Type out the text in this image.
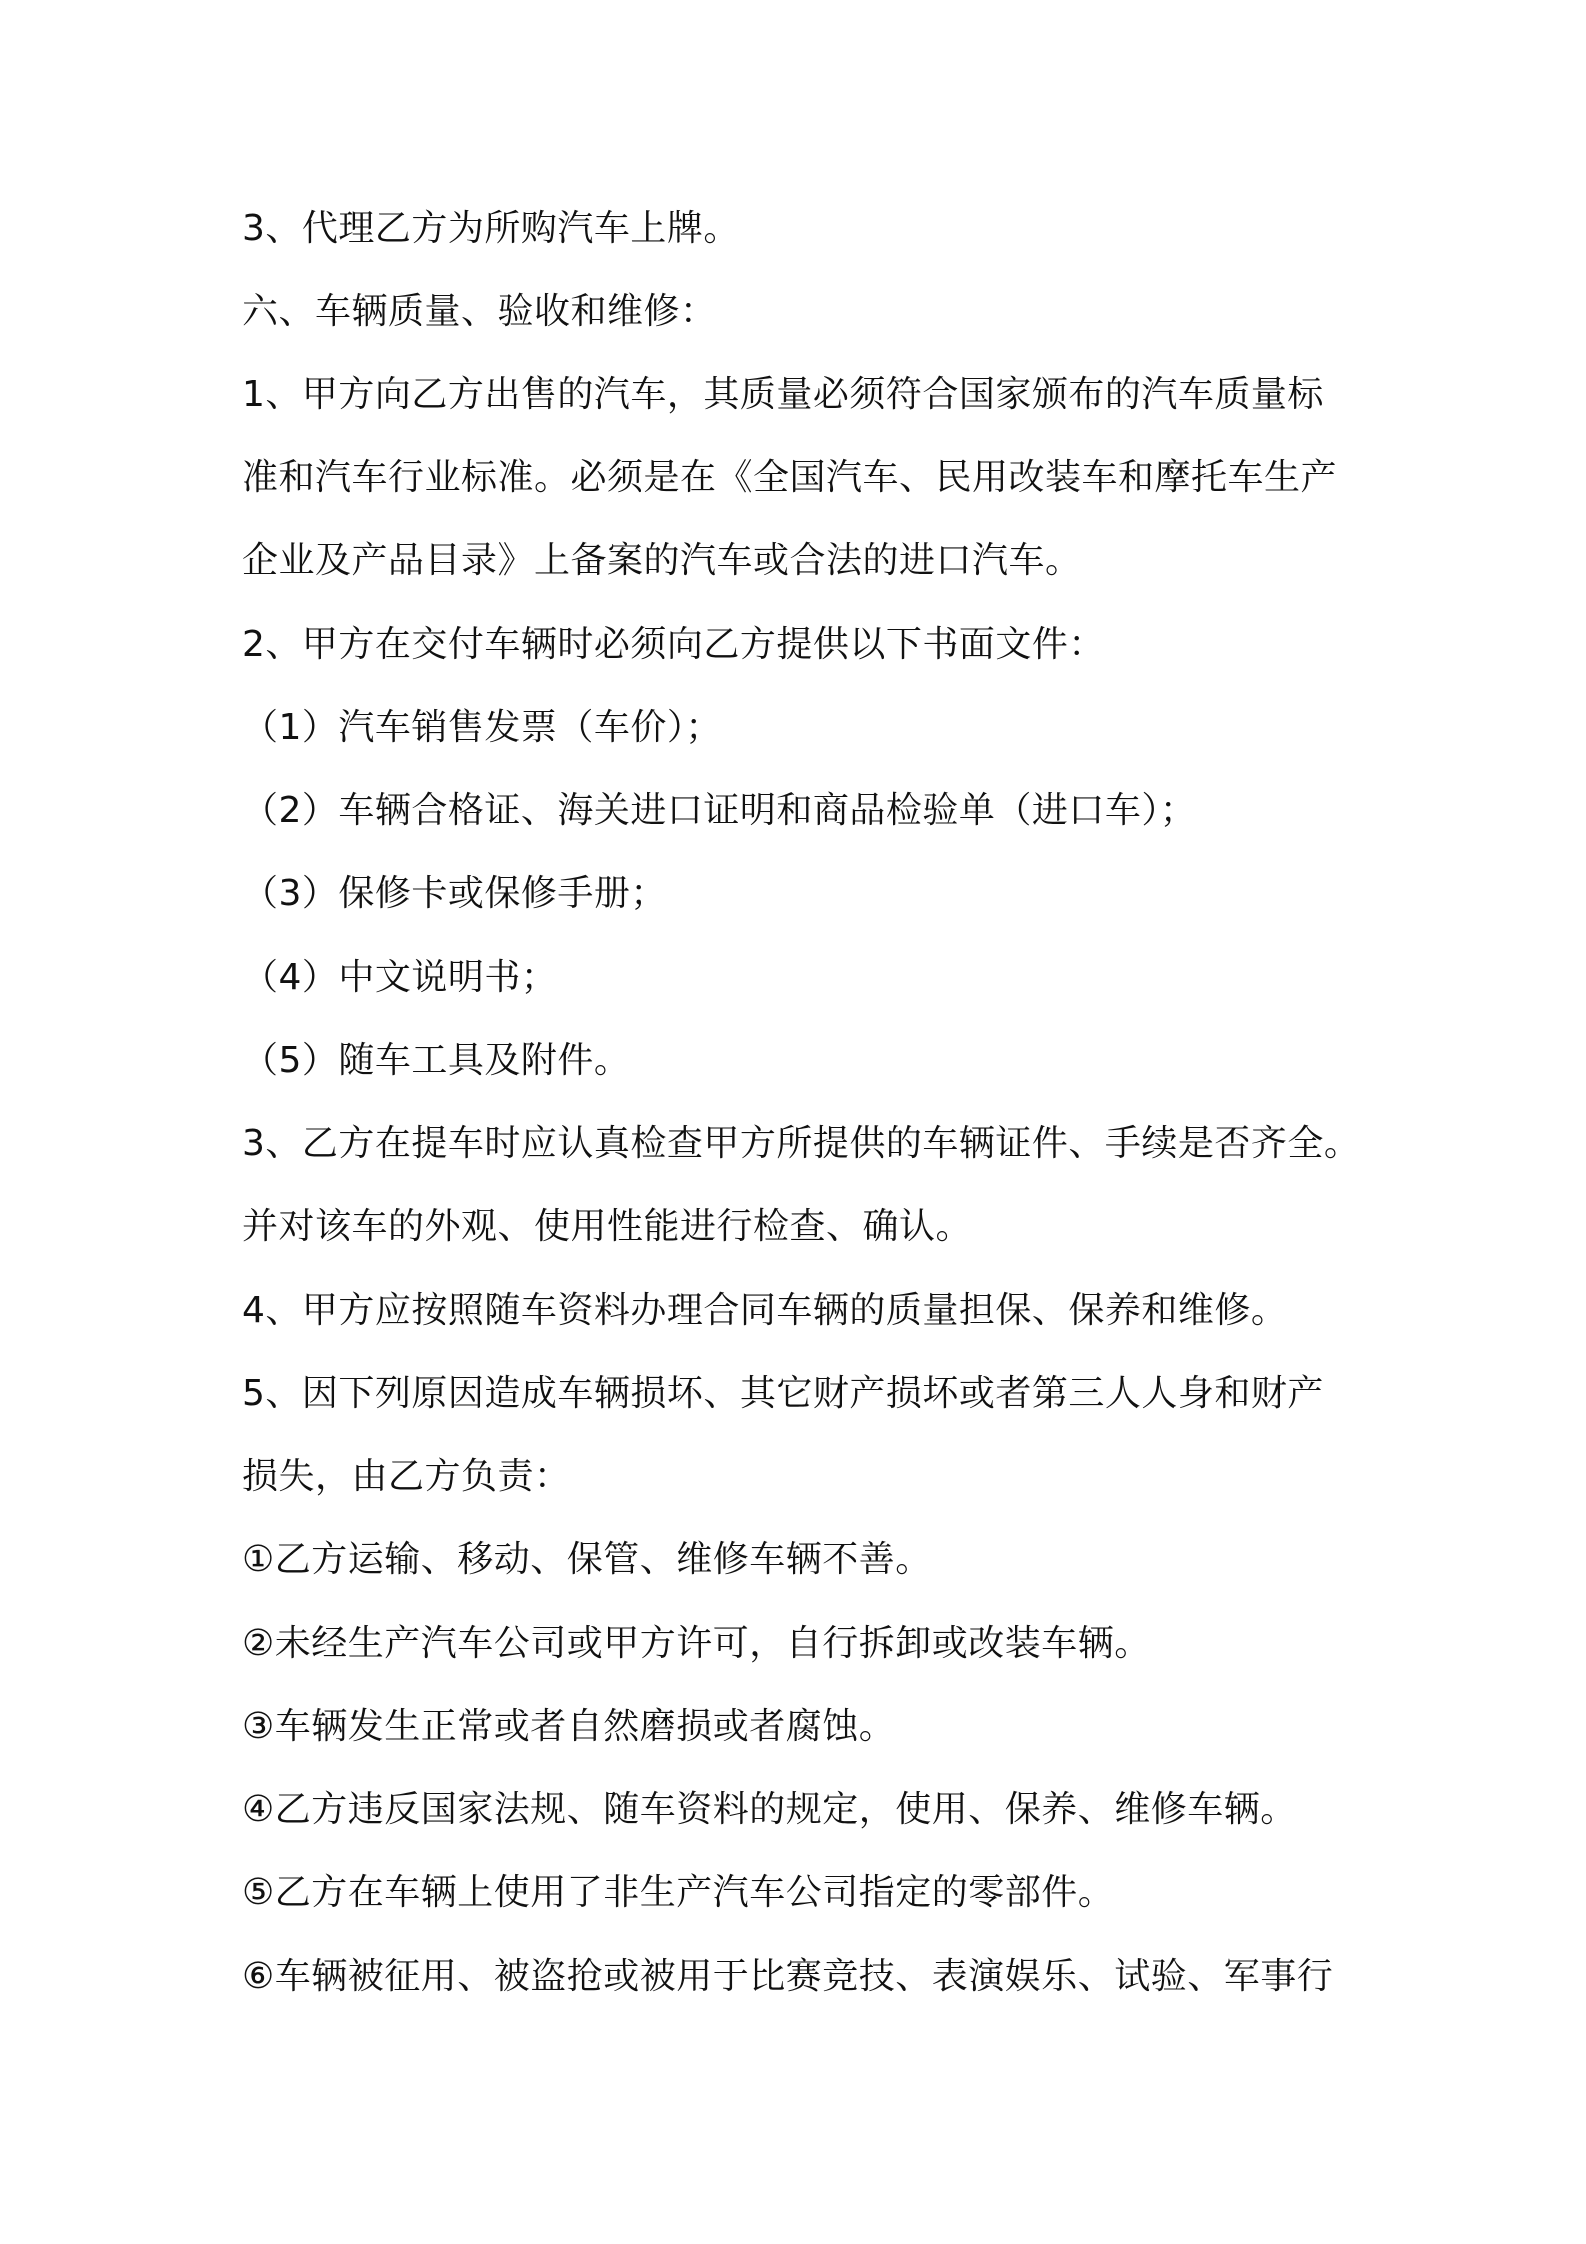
3、代理乙方为所购汽车上牌。
六、车辆质量、验收和维修：
1、甲方向乙方出售的汽车，其质量必须符合国家颁布的汽车质量标
准和汽车行业标准。必须是在《全国汽车、民用改装车和摩托车生产
企业及产品目录》上备案的汽车或合法的进口汽车。
2、甲方在交付车辆时必须向乙方提供以下书面文件：
（1）汽车销售发票（车价）；
（2）车辆合格证、海关进口证明和商品检验单（进口车）；
（3）保修卡或保修手册；
（4）中文说明书；
（5）随车工具及附件。
3、乙方在提车时应认真检查甲方所提供的车辆证件、手续是否齐全。
并对该车的外观、使用性能进行检查、确认。
4、甲方应按照随车资料办理合同车辆的质量担保、保养和维修。
5、因下列原因造成车辆损坏、其它财产损坏或者第三人人身和财产
损失，由乙方负责：
①乙方运输、移动、保管、维修车辆不善。
②未经生产汽车公司或甲方许可，自行拆卸或改装车辆。
③车辆发生正常或者自然磨损或者腐蚀。
④乙方违反国家法规、随车资料的规定，使用、保养、维修车辆。
⑤乙方在车辆上使用了非生产汽车公司指定的零部件。
⑥车辆被征用、被盗抢或被用于比赛竞技、表演娱乐、试验、军事行
